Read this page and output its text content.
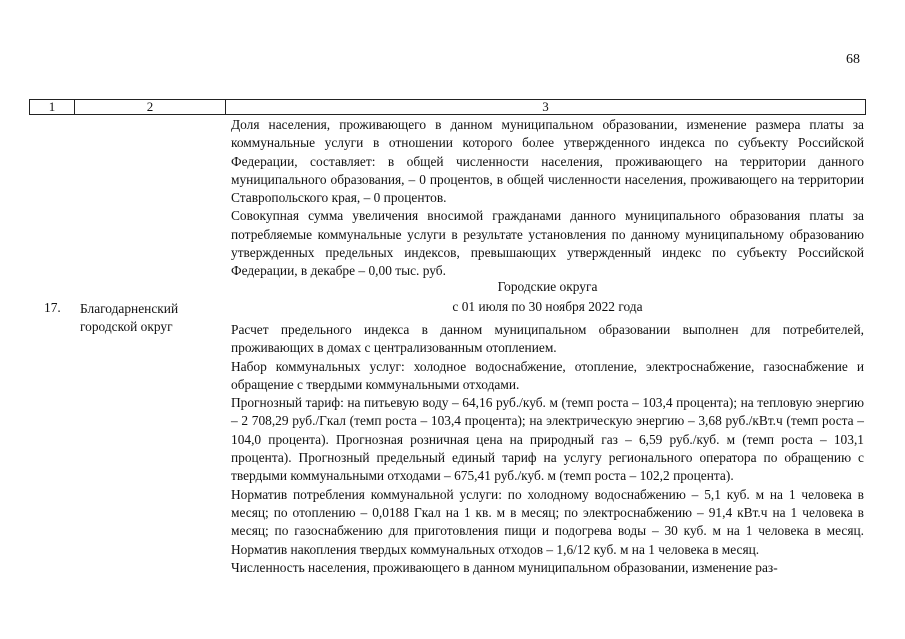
68
1	2	3

Доля населения, проживающего в данном муниципальном образовании, изменение размера платы за коммунальные услуги в отношении которого более утвержденного индекса по субъекту Российской Федерации, составляет: в общей численности населения, проживающего на территории данного муниципального образования, – 0 процентов, в общей численности населения, проживающего на территории Ставропольского края, – 0 процентов.

Совокупная сумма увеличения вносимой гражданами данного муниципального образования платы за потребляемые коммунальные услуги в результате установления по данному муниципальному образованию утвержденных предельных индексов, превышающих утвержденный индекс по субъекту Российской Федерации, в декабре – 0,00 тыс. руб.

Городские округа
17. Благодарненский городской округ
с 01 июля по 30 ноября 2022 года

Расчет предельного индекса в данном муниципальном образовании выполнен для потребителей, проживающих в домах с централизованным отоплением.

Набор коммунальных услуг: холодное водоснабжение, отопление, электроснабжение, газоснабжение и обращение с твердыми коммунальными отходами.

Прогнозный тариф: на питьевую воду – 64,16 руб./куб. м (темп роста – 103,4 процента); на тепловую энергию – 2 708,29 руб./Гкал (темп роста – 103,4 процента); на электрическую энергию – 3,68 руб./кВт.ч (темп роста – 104,0 процента). Прогнозная розничная цена на природный газ – 6,59 руб./куб. м (темп роста – 103,1 процента). Прогнозный предельный единый тариф на услугу регионального оператора по обращению с твердыми коммунальными отходами – 675,41 руб./куб. м (темп роста – 102,2 процента).

Норматив потребления коммунальной услуги: по холодному водоснабжению – 5,1 куб. м на 1 человека в месяц; по отоплению – 0,0188 Гкал на 1 кв. м в месяц; по электроснабжению – 91,4 кВт.ч на 1 человека в месяц; по газоснабжению для приготовления пищи и подогрева воды – 30 куб. м на 1 человека в месяц. Норматив накопления твердых коммунальных отходов – 1,6/12 куб. м на 1 человека в месяц.

Численность населения, проживающего в данном муниципальном образовании, изменение раз-
